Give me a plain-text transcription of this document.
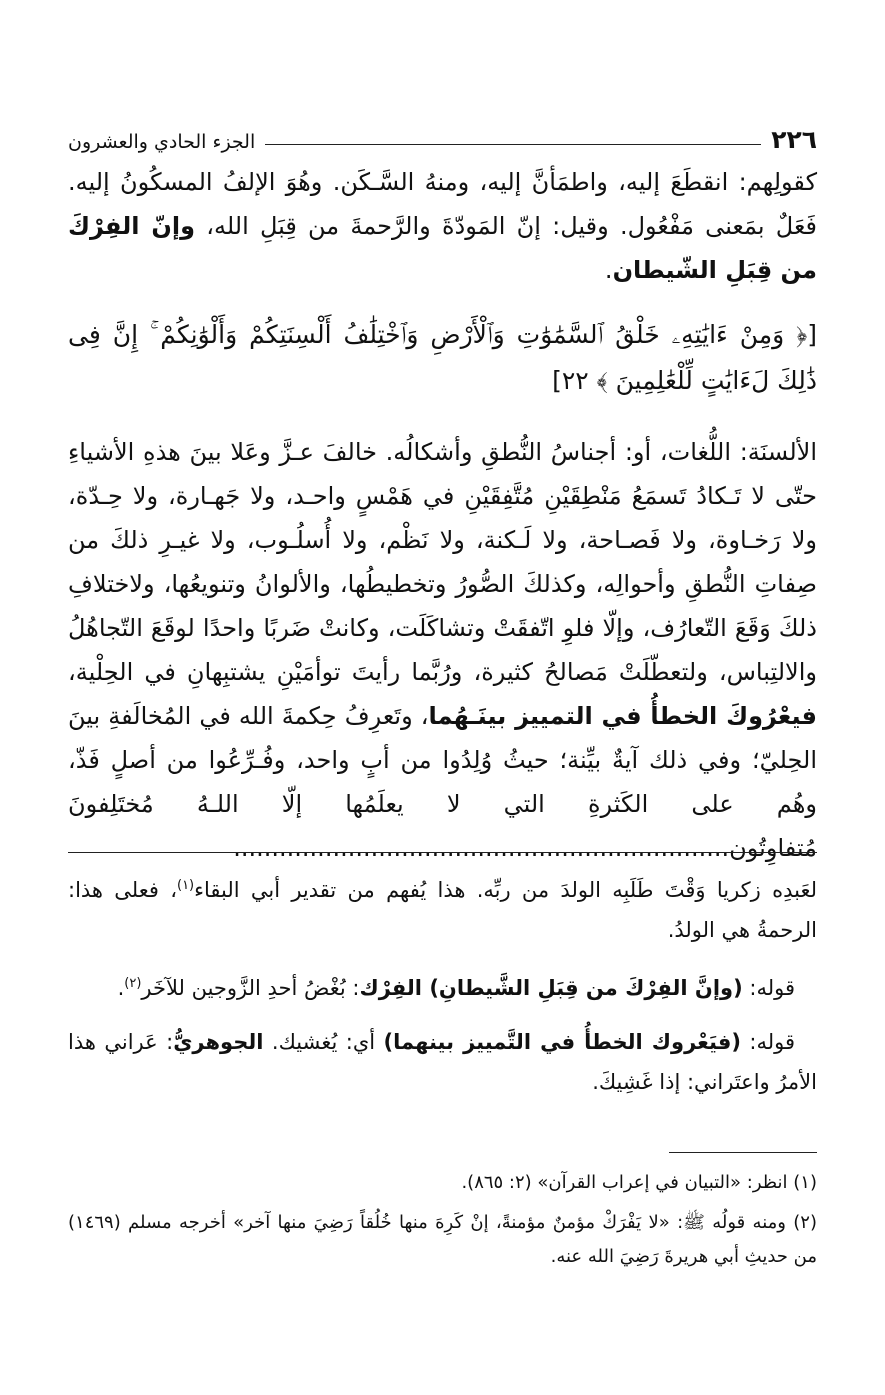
٢٢٦
الجزء الحادي والعشرون

كقولِهم: انقطَعَ إليه، واطمَأنَّ إليه، ومنهُ السَّـكَن. وهُوَ الإلفُ المسكُونُ إليه. فَعَلٌ بمَعنى مَفْعُول. وقيل: إنّ المَودّةَ والرَّحمةَ من قِبَلِ الله، وإنّ الفِرْكَ من قِبَلِ الشّيطان.

[﴿ وَمِنْ ءَايَٰتِهِۦ خَلْقُ ٱلسَّمَٰوَٰتِ وَٱلْأَرْضِ وَٱخْتِلَٰفُ أَلْسِنَتِكُمْ وَأَلْوَٰنِكُمْ ۚ إِنَّ فِى ذَٰلِكَ لَءَايَٰتٍ لِّلْعَٰلِمِينَ ﴾ ٢٢]

الألسنَة: اللُّغات، أو: أجناسُ النُّطقِ وأشكالُه. خالفَ عـزَّ وعَلا بينَ هذهِ الأشياءِ حتّى لا تَـكادُ تَسمَعُ مَنْطِقَيْنِ مُتَّفِقَيْنِ في هَمْسٍ واحـد، ولا جَهـارة، ولا حِـدّة، ولا رَخـاوة، ولا فَصـاحة، ولا لَـكنة، ولا نَظْم، ولا أُسلُـوب، ولا غيـرِ ذلكَ من صِفاتِ النُّطقِ وأحوالِه، وكذلكَ الصُّورُ وتخطيطُها، والألوانُ وتنويعُها، ولاختلافِ ذلكَ وَقَعَ التّعارُف، وإلّا فلوِ اتّفقَتْ وتشاكَلَت، وكانتْ ضَربًا واحدًا لوقَعَ التّجاهُلُ والالتِباس، ولتعطّلَتْ مَصالحُ كثيرة، ورُبَّما رأيتَ توأمَيْنِ يشتبِهانِ في الحِلْية، فيعْرُوكَ الخطأُ في التمييز بينَـهُما، وتَعرِفُ حِكمةَ الله في المُخالَفةِ بينَ الحِليّ؛ وفي ذلك آيةٌ بيِّنة؛ حيثُ وُلِدُوا من أبٍ واحد، وفُـرِّعُوا من أصلٍ فَذّ، وهُم على الكَثرةِ التي لا يعلَمُها إلّا اللـهُ مُختَلِفونَ مُتفاوِتُون.................................................................

لعَبدِه زكريا وَقْتَ طَلَبِه الولدَ من ربِّه. هذا يُفهم من تقدير أبي البقاء$^{(١)}$، فعلى هذا: الرحمةُ هي الولدُ.

قوله: (وإنَّ الفِرْكَ من قِبَلِ الشَّيطانِ) الفِرْك: بُغْضُ أحدِ الزَّوجين للآخَر$^{(٢)}$.

قوله: (فيَعْروك الخطأُ في التَّمييز بينهما) أي: يُغشيك. الجوهريُّ: عَراني هذا الأمرُ واعتَراني: إذا غَشِيكَ.

(١) انظر: «التبيان في إعراب القرآن» (٢: ٨٦٥).

(٢) ومنه قولُه ﷺ: «لا يَفْرَكْ مؤمنٌ مؤمنةً، إنْ كَرِهَ منها خُلُقاً رَضِيَ منها آخر» أخرجه مسلم (١٤٦٩) من حديثِ أبي هريرةَ رَضِيَ الله عنه.
